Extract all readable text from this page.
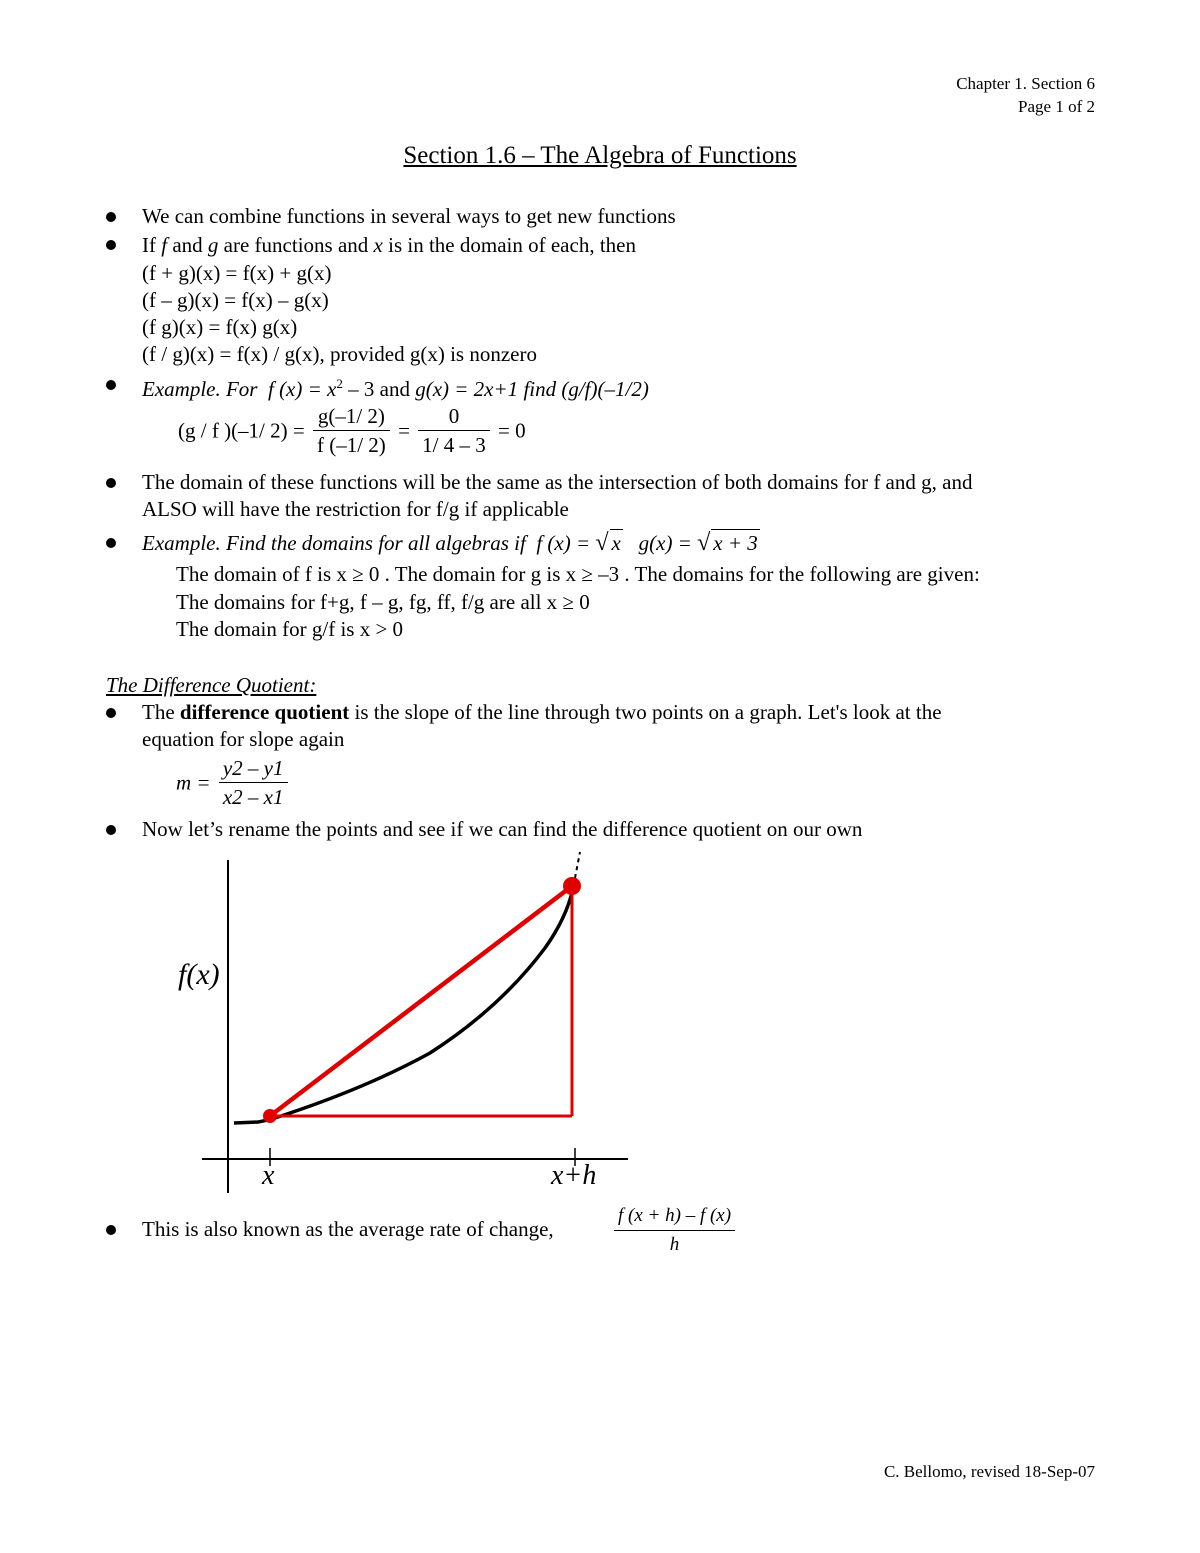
Chapter 1. Section 6
Page 1 of 2
Section 1.6 – The Algebra of Functions
We can combine functions in several ways to get new functions
If f and g are functions and x is in the domain of each, then
(f + g)(x) = f(x) + g(x)
(f – g)(x) = f(x) – g(x)
(f g)(x) = f(x) g(x)
(f / g)(x) = f(x) / g(x), provided g(x) is nonzero
Example. For f $(x) = x^2 - 3$ and g(x) = 2x+1 find (g/f)(–1/2)
(g / f )(–1/ $2) = \frac{g(-1/ 2)}{f (-1/ 2)} = \frac{0}{1/ 4 - 3} = 0$
The domain of these functions will be the same as the intersection of both domains for f and g, and
ALSO will have the restriction for f/g if applicable
Example. Find the domains for all algebras if f (x) = √ x g(x) = √ x + 3
The domain of f is x ≥ 0 . The domain for g is x ≥ –3 . The domains for the following are given:
The domains for f+g, f – g, fg, ff, f/g are all x ≥ 0
The domain for g/f is x > 0
The Difference Quotient:
The difference quotient is the slope of the line through two points on a graph. Let's look at the
equation for slope again
$m = \frac{y2 - y1}{x2 - x1}$
Now let’s rename the points and see if we can find the difference quotient on our own
f(x)
x	x+h
This is also known as the average rate of change,	$\frac{f (x + h) - f (x)}{h}$
C. Bellomo, revised 18-Sep-07
